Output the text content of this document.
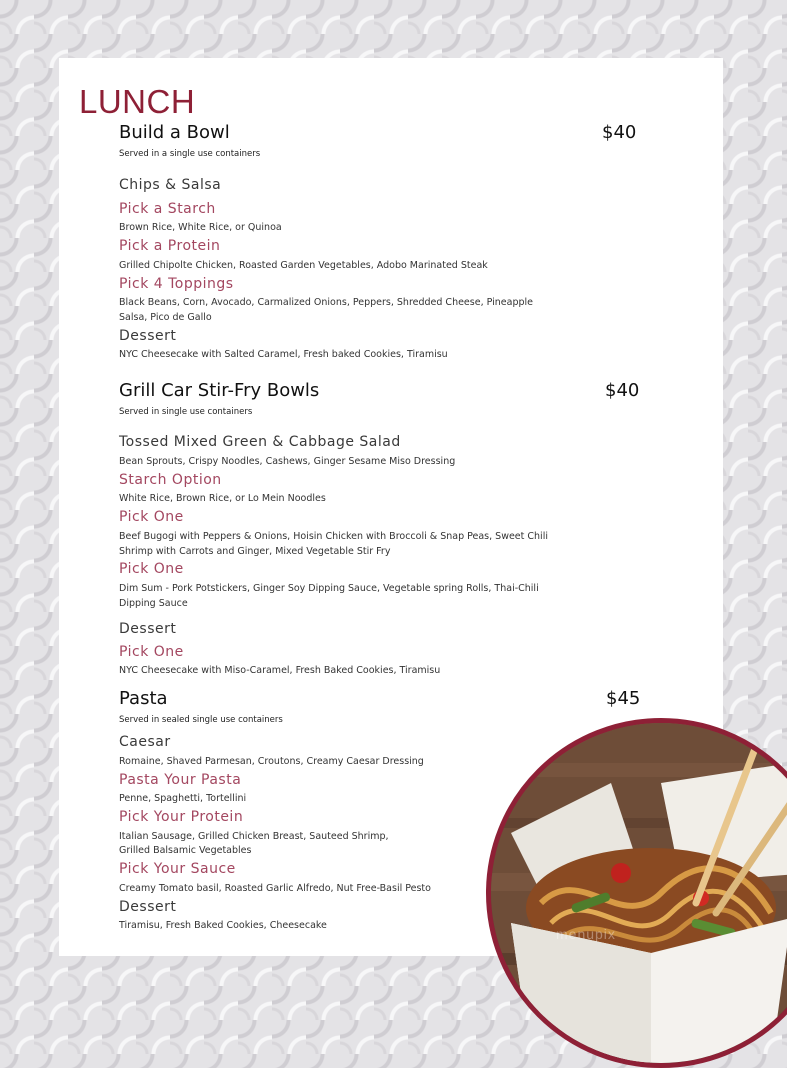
LUNCH
Build a Bowl	$40
Served in a single use containers
Chips & Salsa
Pick a Starch
Brown Rice, White Rice, or Quinoa
Pick a Protein
Grilled Chipolte Chicken, Roasted Garden Vegetables, Adobo Marinated Steak
Pick 4 Toppings
Black Beans, Corn, Avocado, Carmalized Onions, Peppers, Shredded Cheese, Pineapple Salsa, Pico de Gallo
Dessert
NYC Cheesecake with Salted Caramel, Fresh baked Cookies, Tiramisu
Grill Car Stir-Fry Bowls	$40
Served in single use containers
Tossed Mixed Green & Cabbage Salad
Bean Sprouts, Crispy Noodles, Cashews, Ginger Sesame Miso Dressing
Starch Option
White Rice, Brown Rice, or Lo Mein Noodles
Pick One
Beef Bugogi with Peppers & Onions, Hoisin Chicken with Broccoli & Snap Peas, Sweet Chili Shrimp with Carrots and Ginger, Mixed Vegetable Stir Fry
Pick One
Dim Sum - Pork Potstickers, Ginger Soy Dipping Sauce, Vegetable spring Rolls, Thai-Chili Dipping Sauce
Dessert
Pick One
NYC Cheesecake with Miso-Caramel, Fresh Baked Cookies, Tiramisu
Pasta	$45
Served in sealed single use containers
Caesar
Romaine, Shaved Parmesan, Croutons, Creamy Caesar Dressing
Pasta Your Pasta
Penne, Spaghetti, Tortellini
Pick Your Protein
Italian Sausage, Grilled Chicken Breast, Sauteed Shrimp,
Grilled Balsamic Vegetables
Pick Your Sauce
Creamy Tomato basil, Roasted Garlic Alfredo, Nut Free-Basil Pesto
Dessert
Tiramisu, Fresh Baked Cookies, Cheesecake
menupix
